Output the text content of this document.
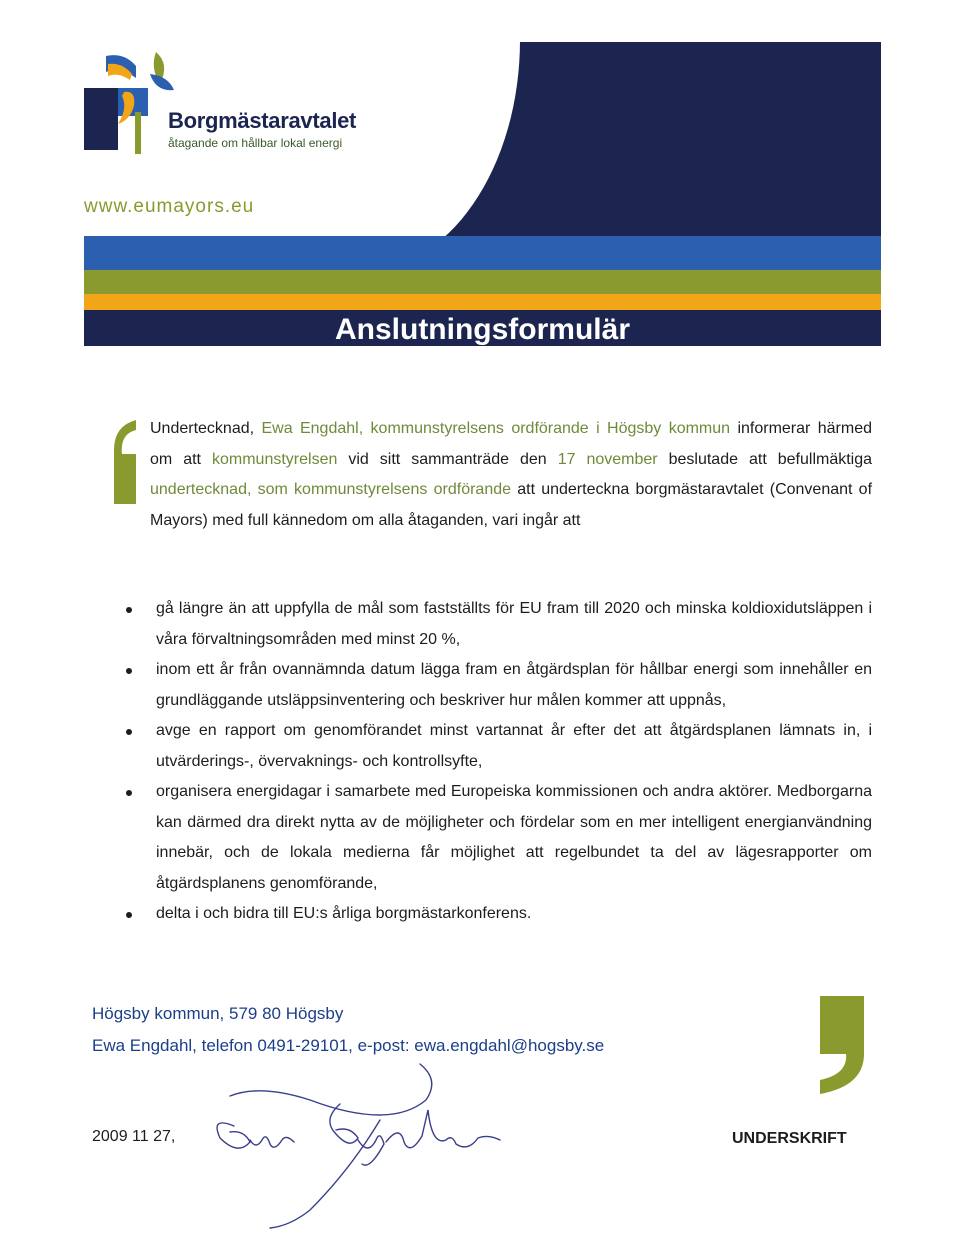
Anslutningsformulär
Borgmästaravtalet
åtagande om hållbar lokal energi
www.eumayors.eu
Undertecknad, Ewa Engdahl, kommunstyrelsens ordförande i Högsby kommun informerar härmed om att kommunstyrelsen vid sitt sammanträde den 17 november beslutade att befullmäktiga undertecknad, som kommunstyrelsens ordförande att underteckna borgmästaravtalet (Convenant of Mayors) med full kännedom om alla åtaganden, vari ingår att
gå längre än att uppfylla de mål som fastställts för EU fram till 2020 och minska koldioxidutsläppen i våra förvaltningsområden med minst 20 %,
inom ett år från ovannämnda datum lägga fram en åtgärdsplan för hållbar energi som innehåller en grundläggande utsläppsinventering och beskriver hur målen kommer att uppnås,
avge en rapport om genomförandet minst vartannat år efter det att åtgärdsplanen lämnats in, i utvärderings-, övervaknings- och kontrollsyfte,
organisera energidagar i samarbete med Europeiska kommissionen och andra aktörer. Medborgarna kan därmed dra direkt nytta av de möjligheter och fördelar som en mer intelligent energianvändning innebär, och de lokala medierna får möjlighet att regelbundet ta del av lägesrapporter om åtgärdsplanens genomförande,
delta i och bidra till EU:s årliga borgmästarkonferens.
Högsby kommun, 579 80 Högsby
Ewa Engdahl, telefon 0491-29101, e-post: ewa.engdahl@hogsby.se
2009 11 27,	UNDERSKRIFT
